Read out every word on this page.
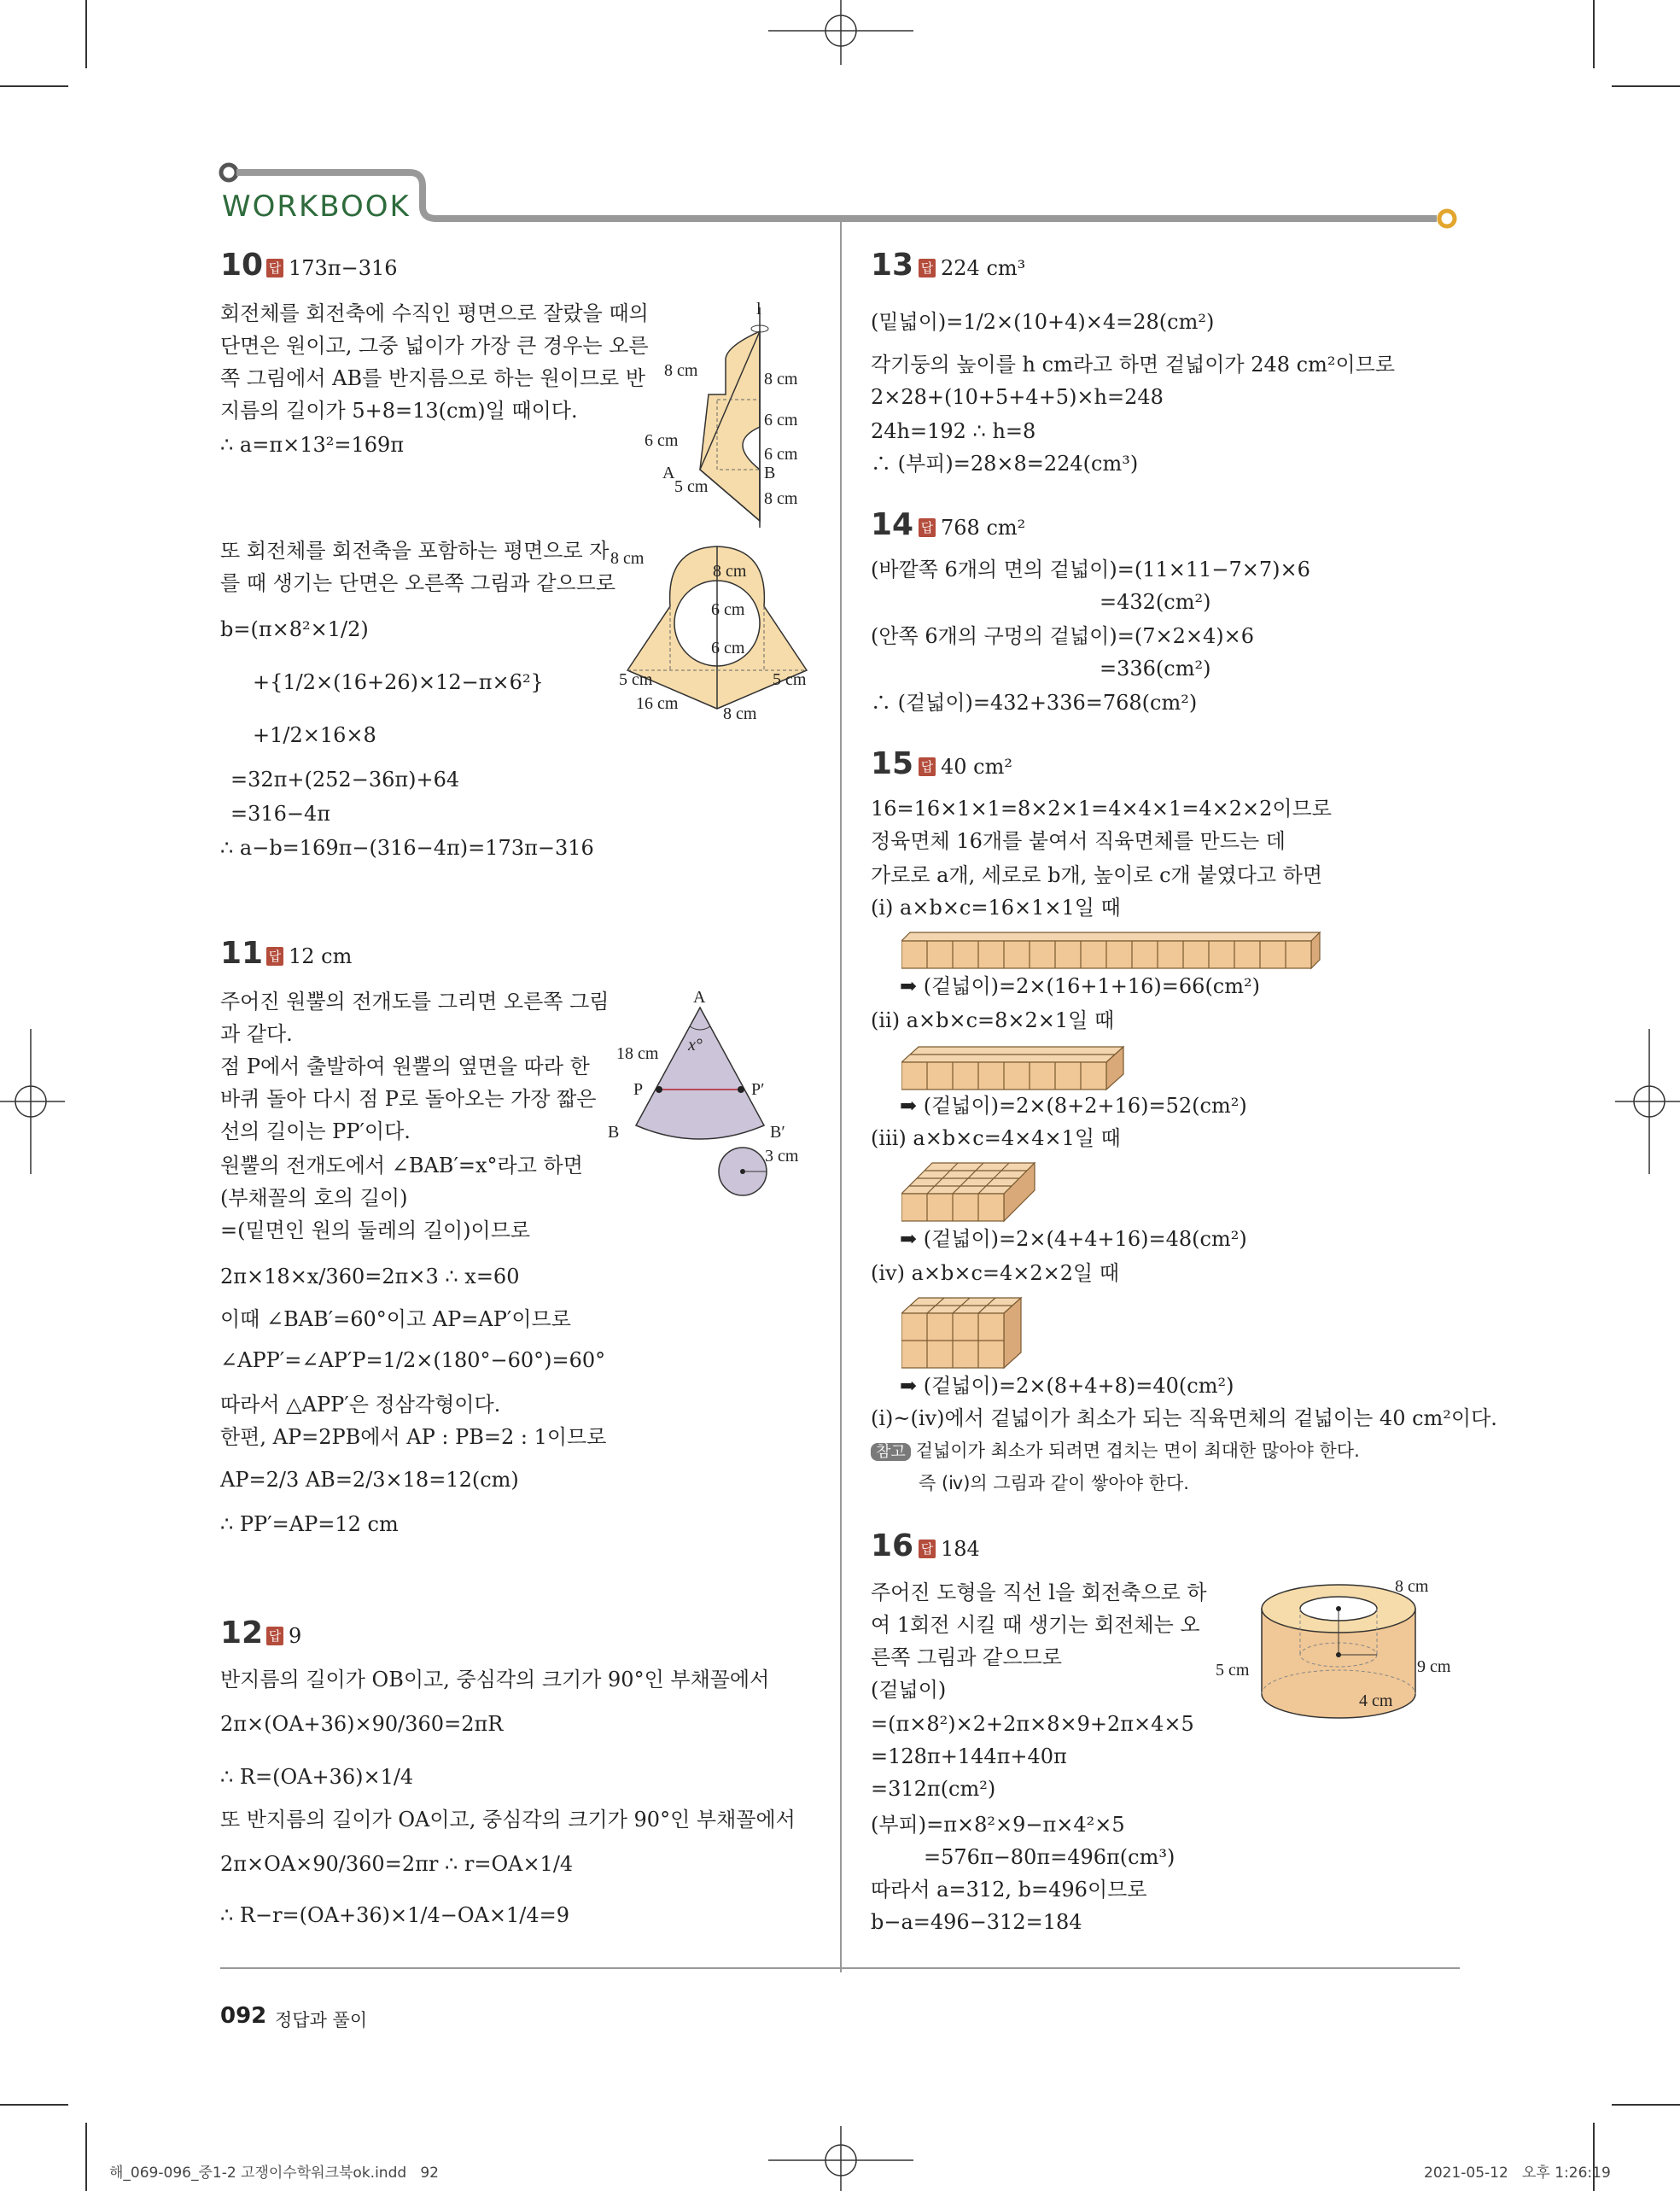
WORKBOOK
10 답 173π−316
회전체를 회전축에 수직인 평면으로 잘랐을 때의
단면은 원이고, 그중 넓이가 가장 큰 경우는 오른
쪽 그림에서 AB를 반지름으로 하는 원이므로 반
지름의 길이가 5+8=13(cm)일 때이다.
∴ a=π×13²=169π
또 회전체를 회전축을 포함하는 평면으로 자
를 때 생기는 단면은 오른쪽 그림과 같으므로
b=(π×8²×1/2)
+{1/2×(16+26)×12−π×6²}
+1/2×16×8
=32π+(252−36π)+64
=316−4π
∴ a−b=169π−(316−4π)=173π−316
l
8 cm	8 cm
6 cm
6 cm
6 cm
A	B
5 cm
8 cm
8 cm
8 cm
6 cm
6 cm
5 cm	5 cm
16 cm
8 cm
11 답 12 cm
주어진 원뿔의 전개도를 그리면 오른쪽 그림
과 같다.
점 P에서 출발하여 원뿔의 옆면을 따라 한
바퀴 돌아 다시 점 P로 돌아오는 가장 짧은
선의 길이는 PP′이다.
원뿔의 전개도에서 ∠BAB′=x°라고 하면
(부채꼴의 호의 길이)
=(밑면인 원의 둘레의 길이)이므로
2π×18×x/360=2π×3 ∴ x=60
이때 ∠BAB′=60°이고 AP=AP′이므로
∠APP′=∠AP′P=1/2×(180°−60°)=60°
따라서 △APP′은 정삼각형이다.
한편, AP=2PB에서 AP : PB=2 : 1이므로
AP=2/3 AB=2/3×18=12(cm)
∴ PP′=AP=12 cm
A
x°
18 cm
P	P′
B	B′
3 cm
12 답 9
반지름의 길이가 OB이고, 중심각의 크기가 90°인 부채꼴에서
2π×(OA+36)×90/360=2πR
∴ R=(OA+36)×1/4
또 반지름의 길이가 OA이고, 중심각의 크기가 90°인 부채꼴에서
2π×OA×90/360=2πr ∴ r=OA×1/4
∴ R−r=(OA+36)×1/4−OA×1/4=9
13 답 224 cm³
(밑넓이)=1/2×(10+4)×4=28(cm²)
각기둥의 높이를 h cm라고 하면 겉넓이가 248 cm²이므로
2×28+(10+5+4+5)×h=248
24h=192 ∴ h=8
∴ (부피)=28×8=224(cm³)
14 답 768 cm²
(바깥쪽 6개의 면의 겉넓이)=(11×11−7×7)×6
=432(cm²)
(안쪽 6개의 구멍의 겉넓이)=(7×2×4)×6
=336(cm²)
∴ (겉넓이)=432+336=768(cm²)
15 답 40 cm²
16=16×1×1=8×2×1=4×4×1=4×2×2이므로
정육면체 16개를 붙여서 직육면체를 만드는 데
가로로 a개, 세로로 b개, 높이로 c개 붙였다고 하면
(ⅰ) a×b×c=16×1×1일 때
➡ (겉넓이)=2×(16+1+16)=66(cm²)
(ⅱ) a×b×c=8×2×1일 때
➡ (겉넓이)=2×(8+2+16)=52(cm²)
(ⅲ) a×b×c=4×4×1일 때
➡ (겉넓이)=2×(4+4+16)=48(cm²)
(ⅳ) a×b×c=4×2×2일 때
➡ (겉넓이)=2×(8+4+8)=40(cm²)
(ⅰ)~(ⅳ)에서 겉넓이가 최소가 되는 직육면체의 겉넓이는 40 cm²이다.
참고 겉넓이가 최소가 되려면 겹치는 면이 최대한 많아야 한다.
즉 (ⅳ)의 그림과 같이 쌓아야 한다.
16 답 184
주어진 도형을 직선 l을 회전축으로 하
여 1회전 시킬 때 생기는 회전체는 오
른쪽 그림과 같으므로
(겉넓이)
=(π×8²)×2+2π×8×9+2π×4×5
=128π+144π+40π
=312π(cm²)
(부피)=π×8²×9−π×4²×5
=576π−80π=496π(cm³)
따라서 a=312, b=496이므로
b−a=496−312=184
8 cm
5 cm	9 cm
4 cm
092 정답과 풀이
해_069-096_중1-2 고쟁이수학워크북ok.indd   92	2021-05-12   오후 1:26:19
